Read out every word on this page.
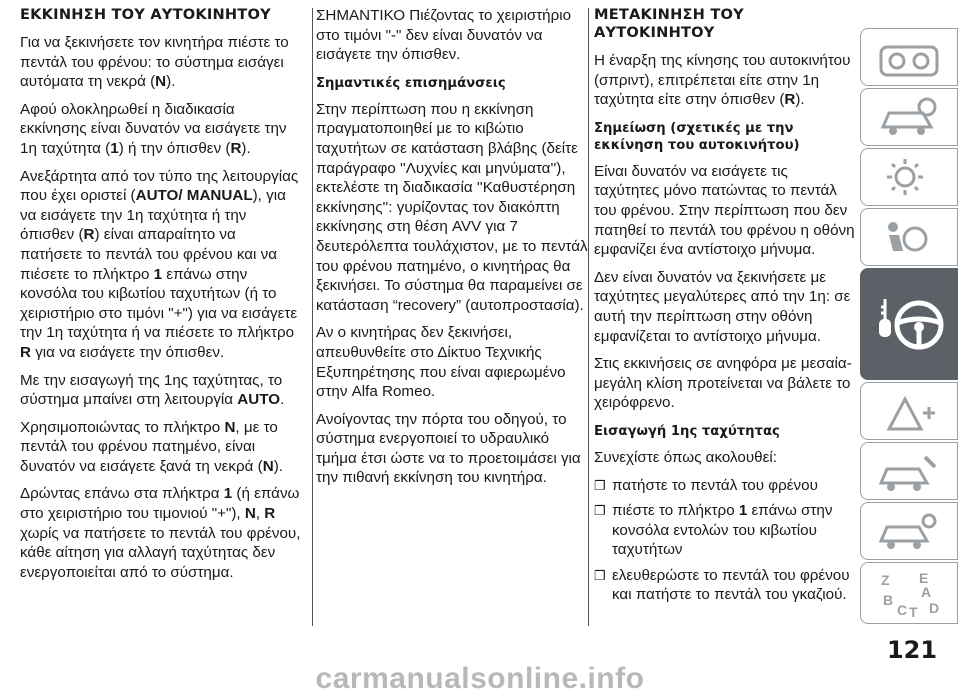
ΕΚΚΙΝΗΣΗ ΤΟΥ ΑΥΤΟΚΙΝΗΤΟΥ

Για να ξεκινήσετε τον κινητήρα πιέστε το πεντάλ του φρένου: το σύστημα εισάγει αυτόματα τη νεκρά (N).

Αφού ολοκληρωθεί η διαδικασία εκκίνησης είναι δυνατόν να εισάγετε την 1η ταχύτητα (1) ή την όπισθεν (R).

Ανεξάρτητα από τον τύπο της λειτουργίας που έχει οριστεί (AUTO/ MANUAL), για να εισάγετε την 1η ταχύτητα ή την όπισθεν (R) είναι απαραίτητο να πατήσετε το πεντάλ του φρένου και να πιέσετε το πλήκτρο 1 επάνω στην κονσόλα του κιβωτίου ταχυτήτων (ή το χειριστήριο στο τιμόνι "+") για να εισάγετε την 1η ταχύτητα ή να πιέσετε το πλήκτρο R για να εισάγετε την όπισθεν.

Με την εισαγωγή της 1ης ταχύτητας, το σύστημα μπαίνει στη λειτουργία AUTO.

Χρησιμοποιώντας το πλήκτρο N, με το πεντάλ του φρένου πατημένο, είναι δυνατόν να εισάγετε ξανά τη νεκρά (N).

Δρώντας επάνω στα πλήκτρα 1 (ή επάνω στο χειριστήριο του τιμονιού "+"), N, R χωρίς να πατήσετε το πεντάλ του φρένου, κάθε αίτηση για αλλαγή ταχύτητας δεν ενεργοποιείται από το σύστημα.

ΣΗΜΑΝΤΙΚΟ Πιέζοντας το χειριστήριο στο τιμόνι "-" δεν είναι δυνατόν να εισάγετε την όπισθεν.

Σημαντικές επισημάνσεις

Στην περίπτωση που η εκκίνηση πραγματοποιηθεί με το κιβώτιο ταχυτήτων σε κατάσταση βλάβης (δείτε παράγραφο ''Λυχνίες και μηνύματα''), εκτελέστε τη διαδικασία ''Καθυστέρηση εκκίνησης'': γυρίζοντας τον διακόπτη εκκίνησης στη θέση AVV για 7 δευτερόλεπτα τουλάχιστον, με το πεντάλ του φρένου πατημένο, ο κινητήρας θα ξεκινήσει. Το σύστημα θα παραμείνει σε κατάσταση “recovery” (αυτοπροστασία).

Αν ο κινητήρας δεν ξεκινήσει, απευθυνθείτε στο Δίκτυο Τεχνικής Εξυπηρέτησης που είναι αφιερωμένο στην Alfa Romeo.

Ανοίγοντας την πόρτα του οδηγού, το σύστημα ενεργοποιεί το υδραυλικό τμήμα έτσι ώστε να το προετοιμάσει για την πιθανή εκκίνηση του κινητήρα.

ΜΕΤΑΚΙΝΗΣΗ ΤΟΥ ΑΥΤΟΚΙΝΗΤΟΥ

Η έναρξη της κίνησης του αυτοκινήτου (σπριντ), επιτρέπεται είτε στην 1η ταχύτητα είτε στην όπισθεν (R).

Σημείωση (σχετικές με την εκκίνηση του αυτοκινήτου)

Είναι δυνατόν να εισάγετε τις ταχύτητες μόνο πατώντας το πεντάλ του φρένου. Στην περίπτωση που δεν πατηθεί το πεντάλ του φρένου η οθόνη εμφανίζει ένα αντίστοιχο μήνυμα.

Δεν είναι δυνατόν να ξεκινήσετε με ταχύτητες μεγαλύτερες από την 1η: σε αυτή την περίπτωση στην οθόνη εμφανίζεται το αντίστοιχο μήνυμα.

Στις εκκινήσεις σε ανηφόρα με μεσαία-μεγάλη κλίση προτείνεται να βάλετε το χειρόφρενο.

Εισαγωγή 1ης ταχύτητας

Συνεχίστε όπως ακολουθεί:

❒ πατήστε το πεντάλ του φρένου
❒ πιέστε το πλήκτρο 1 επάνω στην κονσόλα εντολών του κιβωτίου ταχυτήτων
❒ ελευθερώστε το πεντάλ του φρένου και πατήστε το πεντάλ του γκαζιού.
Z E
A
B
C T D
121
carmanualsonline.info
